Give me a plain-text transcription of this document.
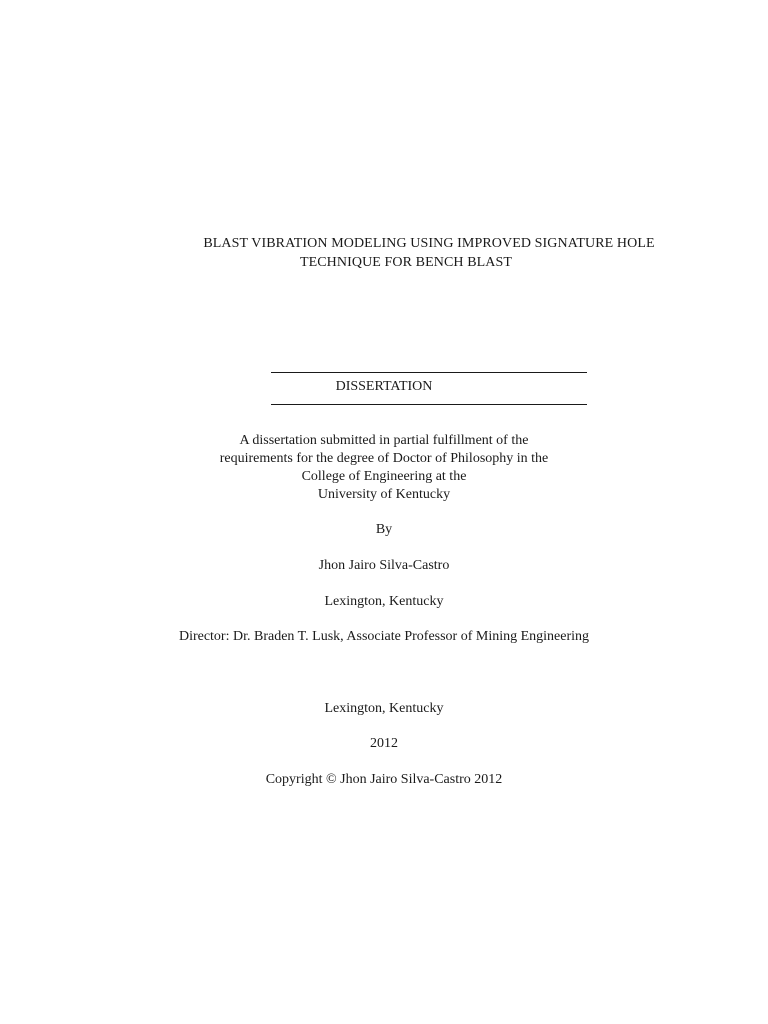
BLAST VIBRATION MODELING USING IMPROVED SIGNATURE HOLE
TECHNIQUE FOR BENCH BLAST
DISSERTATION
A dissertation submitted in partial fulfillment of the
requirements for the degree of Doctor of Philosophy in the
College of Engineering at the
University of Kentucky
By
Jhon Jairo Silva-Castro
Lexington, Kentucky
Director: Dr. Braden T. Lusk, Associate Professor of Mining Engineering
Lexington, Kentucky
2012
Copyright © Jhon Jairo Silva-Castro 2012
